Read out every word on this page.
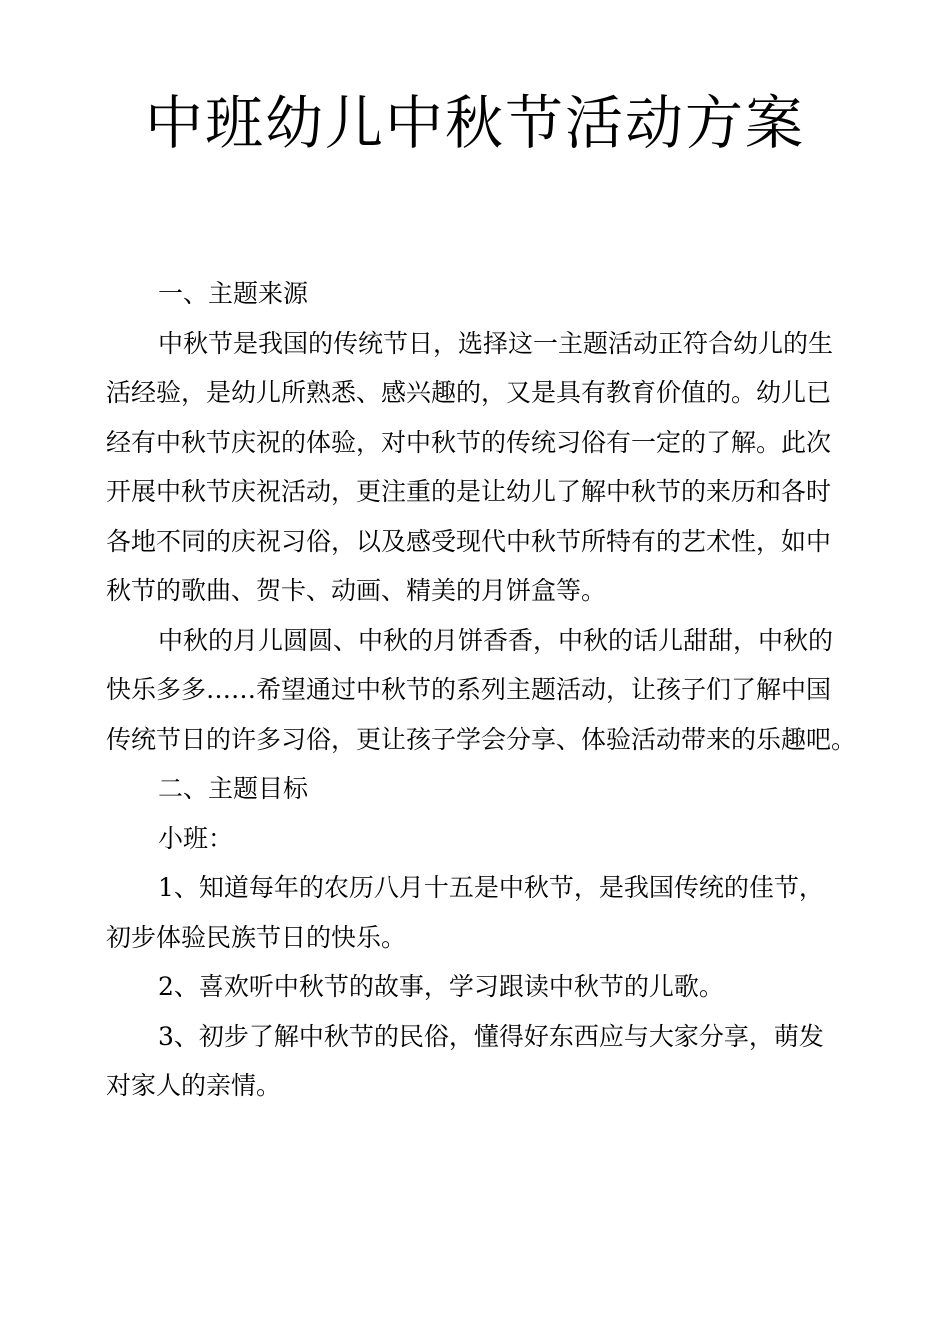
中班幼儿中秋节活动方案
一、主题来源
中秋节是我国的传统节日，选择这一主题活动正符合幼儿的生
活经验，是幼儿所熟悉、感兴趣的，又是具有教育价值的。幼儿已
经有中秋节庆祝的体验，对中秋节的传统习俗有一定的了解。此次
开展中秋节庆祝活动，更注重的是让幼儿了解中秋节的来历和各时
各地不同的庆祝习俗，以及感受现代中秋节所特有的艺术性，如中
秋节的歌曲、贺卡、动画、精美的月饼盒等。
中秋的月儿圆圆、中秋的月饼香香，中秋的话儿甜甜，中秋的
快乐多多……希望通过中秋节的系列主题活动，让孩子们了解中国
传统节日的许多习俗，更让孩子学会分享、体验活动带来的乐趣吧。
二、主题目标
小班：
1、知道每年的农历八月十五是中秋节，是我国传统的佳节，
初步体验民族节日的快乐。
2、喜欢听中秋节的故事，学习跟读中秋节的儿歌。
3、初步了解中秋节的民俗，懂得好东西应与大家分享，萌发
对家人的亲情。
